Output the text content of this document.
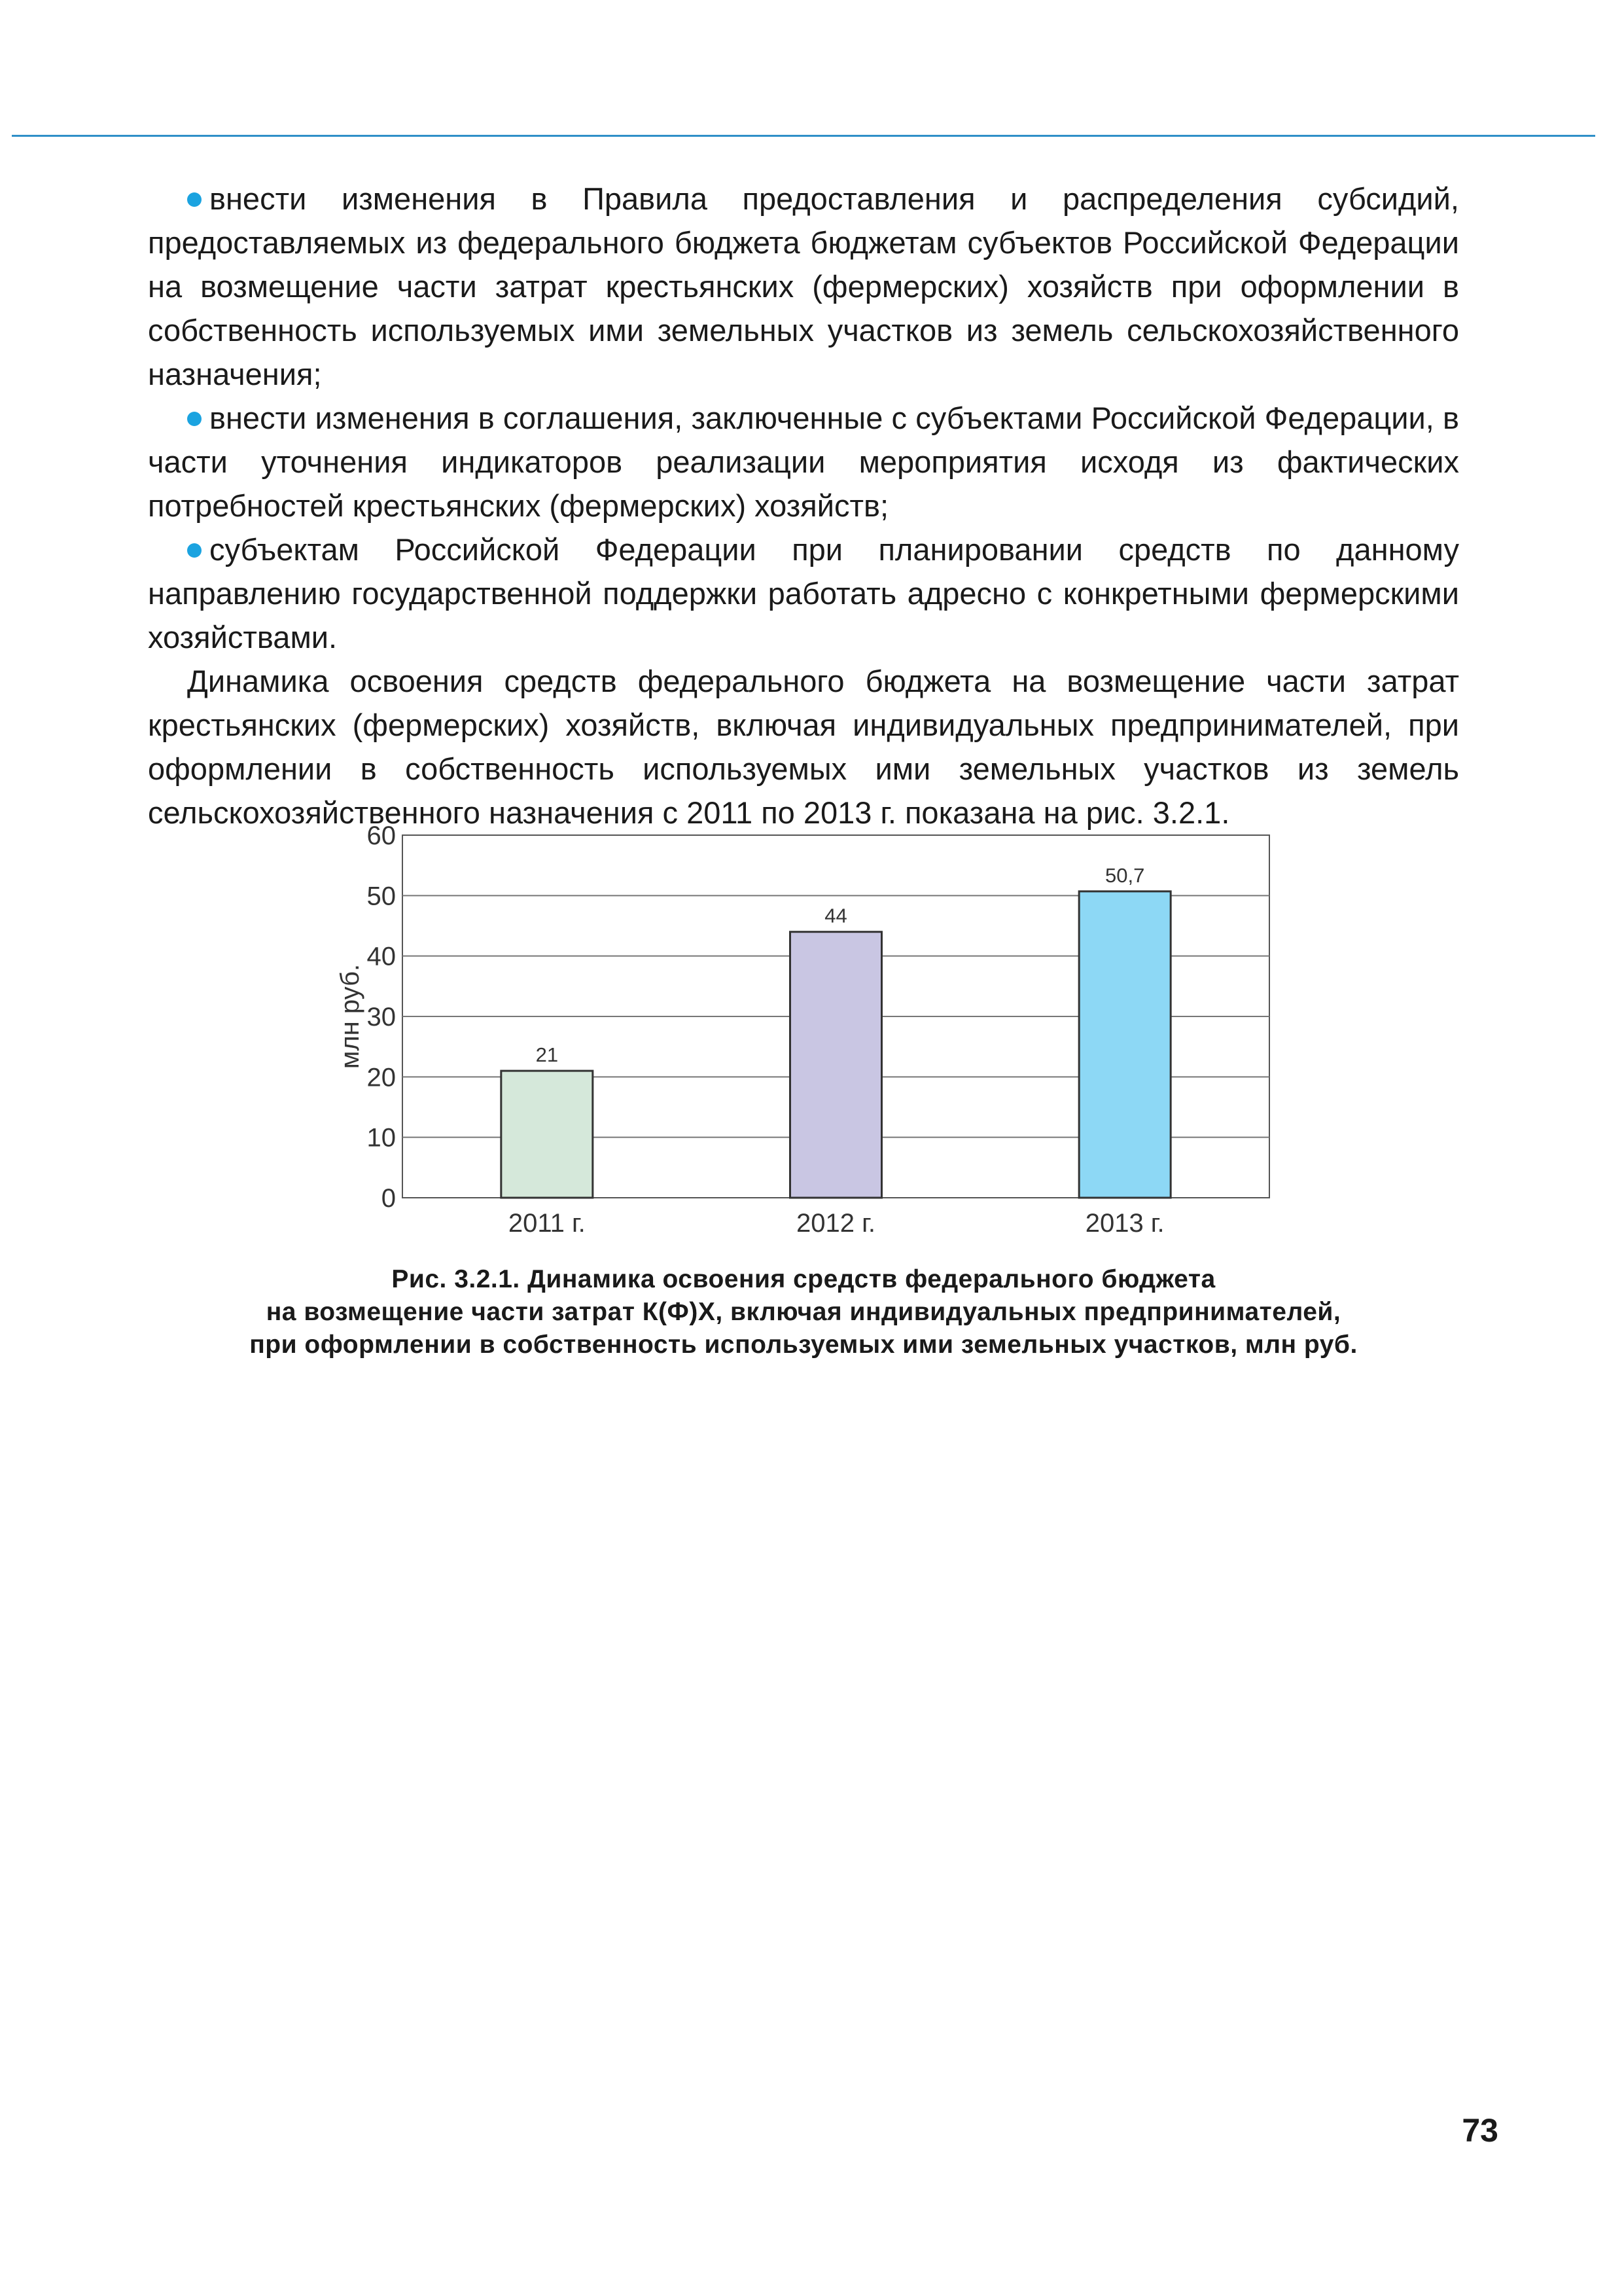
внести изменения в Правила предоставления и распределения субсидий, предоставляемых из федерального бюджета бюджетам субъектов Российской Федерации на возмещение части затрат крестьянских (фермерских) хозяйств при оформлении в собственность используемых ими земельных участков из земель сельскохозяйственного назначения;

внести изменения в соглашения, заключенные с субъектами Российской Федерации, в части уточнения индикаторов реализации мероприятия исходя из фактических потребностей крестьянских (фермерских) хозяйств;

субъектам Российской Федерации при планировании средств по данному направлению государственной поддержки работать адресно с конкретными фермерскими хозяйствами.

Динамика освоения средств федерального бюджета на возмещение части затрат крестьянских (фермерских) хозяйств, включая индивидуальных предпринимателей, при оформлении в собственность используемых ими земельных участков из земель сельскохозяйственного назначения с 2011 по 2013 г. показана на рис. 3.2.1.

0
10
20
30
40
50
60
млн руб.	21
2011 г.
44
2012 г.
50,7
2013 г.
Рис. 3.2.1. Динамика освоения средств федерального бюджета
на возмещение части затрат К(Ф)Х, включая индивидуальных предпринимателей,
при оформлении в собственность используемых ими земельных участков, млн руб.
73
